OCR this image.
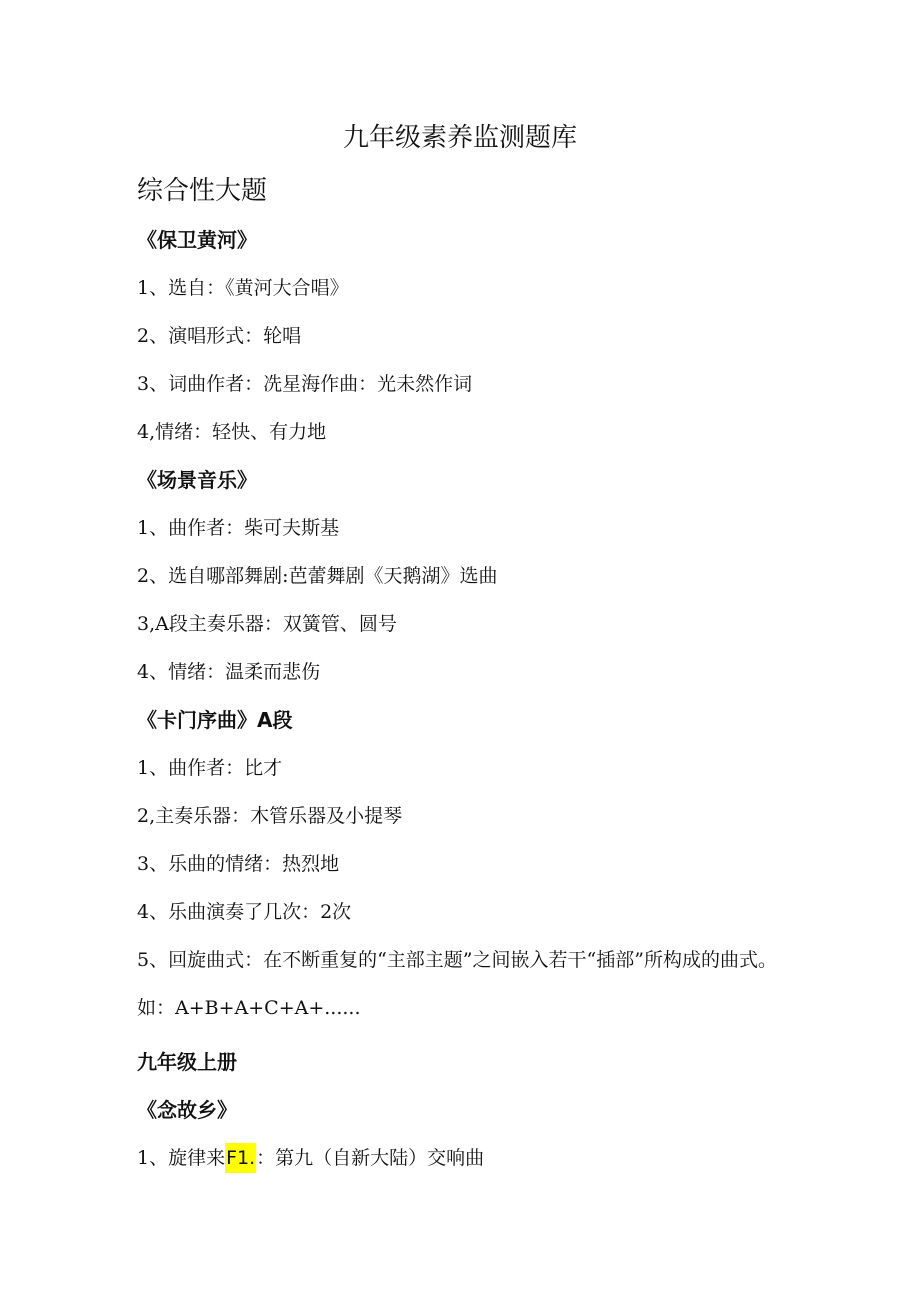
九年级素养监测题库
综合性大题
《保卫黄河》
1、选自：《黄河大合唱》
2、演唱形式：轮唱
3、词曲作者：冼星海作曲：光未然作词
4,情绪：轻快、有力地
《场景音乐》
1、曲作者：柴可夫斯基
2、选自哪部舞剧:芭蕾舞剧《天鹅湖》选曲
3,A段主奏乐器：双簧管、圆号
4、情绪：温柔而悲伤
《卡门序曲》A段
1、曲作者：比才
2,主奏乐器：木管乐器及小提琴
3、乐曲的情绪：热烈地
4、乐曲演奏了几次：2次
5、回旋曲式：在不断重复的“主部主题”之间嵌入若干“插部”所构成的曲式。如：A+B+A+C+A+......
九年级上册
《念故乡》
1、旋律来F1.：第九（自新大陆）交响曲
